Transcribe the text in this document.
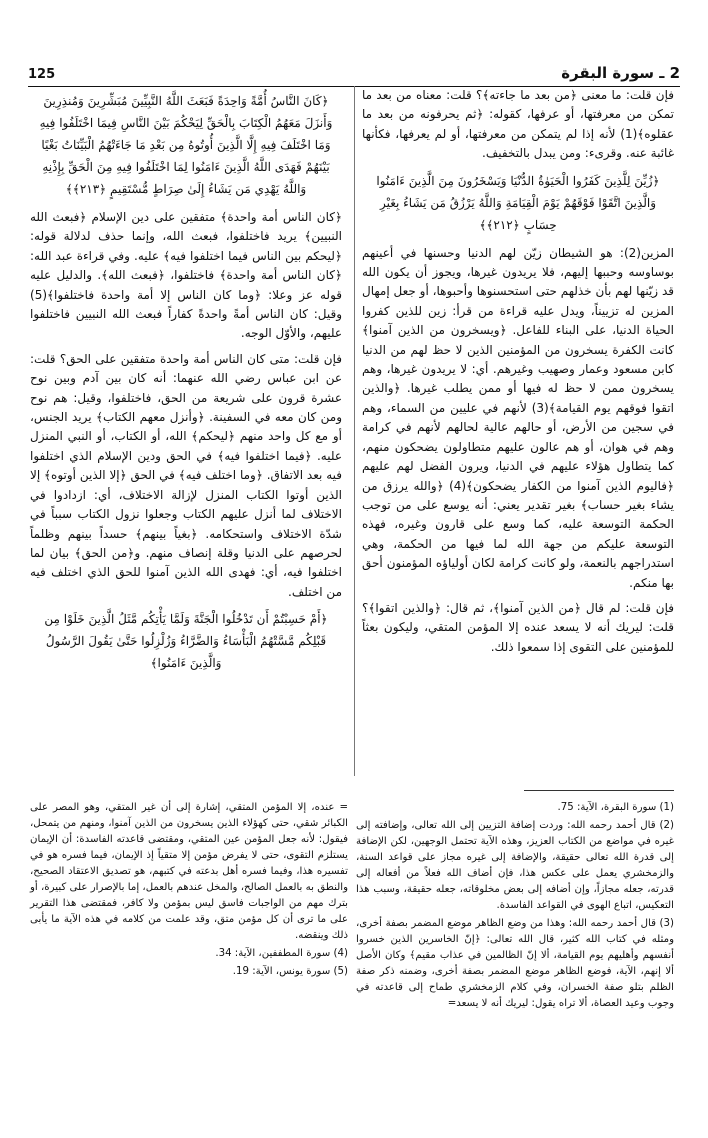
125	2 ـ سورة البقرة

فإن قلت: ما معنى ﴿من بعد ما جاءته﴾؟ قلت: معناه من بعد ما تمكن من معرفتها، أو عرفها، كقوله: ﴿ثم يحرفونه من بعد ما عقلوه﴾(1) لأنه إذا لم يتمكن من معرفتها، أو لم يعرفها، فكأنها غائبة عنه. وقرىء: ومن يبدل بالتخفيف.

﴿زُيِّنَ لِلَّذِينَ كَفَرُوا الْحَيَوٰةُ الدُّنْيَا وَيَسْخَرُونَ مِنَ الَّذِينَ ءَامَنُوا وَالَّذِينَ اتَّقَوْا فَوْقَهُمْ يَوْمَ الْقِيَامَةِ وَاللَّهُ يَرْزُقُ مَن يَشَاءُ بِغَيْرِ حِسَابٍ ﴿٢١٢﴾﴾

المزين(2): هو الشيطان زيّن لهم الدنيا وحسنها في أعينهم بوساوسه وحببها إليهم، فلا يريدون غيرها، ويجوز أن يكون الله قد زيّنها لهم بأن خذلهم حتى استحسنوها وأحبوها، أو جعل إمهال المزين له تزييناً، ويدل عليه قراءة من قرأ: زين للذين كفروا الحياة الدنيا، على البناء للفاعل. ﴿ويسخرون من الذين آمنوا﴾ كانت الكفرة يسخرون من المؤمنين الذين لا حظ لهم من الدنيا كابن مسعود وعمار وصهيب وغيرهم. أي: لا يريدون غيرها، وهم يسخرون ممن لا حظ له فيها أو ممن يطلب غيرها. ﴿والذين اتقوا فوقهم يوم القيامة﴾(3) لأنهم في عليين من السماء، وهم في سجين من الأرض، أو حالهم عالية لحالهم لأنهم في كرامة وهم في هوان، أو هم عالون عليهم متطاولون يضحكون منهم، كما يتطاول هؤلاء عليهم في الدنيا، ويرون الفضل لهم عليهم ﴿فاليوم الذين آمنوا من الكفار يضحكون﴾(4) ﴿والله يرزق من يشاء بغير حساب﴾ بغير تقدير يعني: أنه يوسع على من توجب الحكمة التوسعة عليه، كما وسع على قارون وغيره، فهذه التوسعة عليكم من جهة الله لما فيها من الحكمة، وهي استدراجهم بالنعمة، ولو كانت كرامة لكان أولياؤه المؤمنون أحق بها منكم.

فإن قلت: لم قال ﴿من الذين آمنوا﴾، ثم قال: ﴿والذين اتقوا﴾؟ قلت: ليريك أنه لا يسعد عنده إلا المؤمن المتقي، وليكون بعثاً للمؤمنين على التقوى إذا سمعوا ذلك.

﴿كَانَ النَّاسُ أُمَّةً وَاحِدَةً فَبَعَثَ اللَّهُ النَّبِيِّينَ مُبَشِّرِينَ وَمُنذِرِينَ وَأَنزَلَ مَعَهُمُ الْكِتَابَ بِالْحَقِّ لِيَحْكُمَ بَيْنَ النَّاسِ فِيمَا اخْتَلَفُوا فِيهِ وَمَا اخْتَلَفَ فِيهِ إِلَّا الَّذِينَ أُوتُوهُ مِن بَعْدِ مَا جَاءَتْهُمُ الْبَيِّنَاتُ بَغْيًا بَيْنَهُمْ فَهَدَى اللَّهُ الَّذِينَ ءَامَنُوا لِمَا اخْتَلَفُوا فِيهِ مِنَ الْحَقِّ بِإِذْنِهِ وَاللَّهُ يَهْدِي مَن يَشَاءُ إِلَىٰ صِرَاطٍ مُّسْتَقِيمٍ ﴿٢١٣﴾﴾

﴿كان الناس أمة واحدة﴾ متفقين على دين الإسلام ﴿فبعث الله النبيين﴾ يريد فاختلفوا، فبعث الله، وإنما حذف لدلالة قوله: ﴿ليحكم بين الناس فيما اختلفوا فيه﴾ عليه. وفي قراءة عبد الله: ﴿كان الناس أمة واحدة﴾ فاختلفوا، ﴿فبعث الله﴾. والدليل عليه قوله عز وعلا: ﴿وما كان الناس إلا أمة واحدة فاختلفوا﴾(5) وقيل: كان الناس أمةً واحدةً كفاراً فبعث الله النبيين فاختلفوا عليهم، والأوّل الوجه.

فإن قلت: متى كان الناس أمة واحدة متفقين على الحق؟ قلت: عن ابن عباس رضي الله عنهما: أنه كان بين آدم وبين نوح عشرة قرون على شريعة من الحق، فاختلفوا، وقيل: هم نوح ومن كان معه في السفينة. ﴿وأنزل معهم الكتاب﴾ يريد الجنس، أو مع كل واحد منهم ﴿ليحكم﴾ الله، أو الكتاب، أو النبي المنزل عليه. ﴿فيما اختلفوا فيه﴾ في الحق ودين الإسلام الذي اختلفوا فيه بعد الاتفاق. ﴿وما اختلف فيه﴾ في الحق ﴿إلا الذين أوتوه﴾ إلا الذين أوتوا الكتاب المنزل لإزالة الاختلاف، أي: ازدادوا في الاختلاف لما أنزل عليهم الكتاب وجعلوا نزول الكتاب سبباً في شدّة الاختلاف واستحكامه. ﴿بغياً بينهم﴾ حسداً بينهم وظلماً لحرصهم على الدنيا وقلة إنصاف منهم. و﴿من الحق﴾ بيان لما اختلفوا فيه، أي: فهدى الله الذين آمنوا للحق الذي اختلف فيه من اختلف.

﴿أَمْ حَسِبْتُمْ أَن تَدْخُلُوا الْجَنَّةَ وَلَمَّا يَأْتِكُم مَّثَلُ الَّذِينَ خَلَوْا مِن قَبْلِكُم مَّسَّتْهُمُ الْبَأْسَاءُ وَالضَّرَّاءُ وَزُلْزِلُوا حَتَّىٰ يَقُولَ الرَّسُولُ وَالَّذِينَ ءَامَنُوا﴾

(1) سورة البقرة، الآية: 75.

(2) قال أحمد رحمه الله: وردت إضافة التزيين إلى الله تعالى، وإضافته إلى غيره في مواضع من الكتاب العزيز، وهذه الآية تحتمل الوجهين، لكن الإضافة إلى قدرة الله تعالى حقيقة، والإضافة إلى غيره مجاز على قواعد السنة، والزمخشري يعمل على عكس هذا، فإن أضاف الله فعلاً من أفعاله إلى قدرته، جعله مجازاً، وإن أضافه إلى بعض مخلوقاته، جعله حقيقة، وسبب هذا التعكيس، اتباع الهوى في القواعد الفاسدة.

(3) قال أحمد رحمه الله: وهذا من وضع الظاهر موضع المضمر بصفة أخرى، ومثله في كتاب الله كثير، قال الله تعالى: ﴿إنّ الخاسرين الذين خسروا أنفسهم وأهليهم يوم القيامة، ألا إنّ الظالمين في عذاب مقيم﴾ وكان الأصل ألا إنهم، الآية، فوضع الظاهر موضع المضمر بصفة أخرى، وضمنه ذكر صفة الظلم بتلو صفة الخسران، وفي كلام الزمخشري طماح إلى قاعدته في وجوب وعيد العصاة، ألا تراه يقول: ليريك أنه لا يسعد=

= عنده، إلا المؤمن المتقي، إشارة إلى أن غير المتقي، وهو المصر على الكبائر شقي، حتى كهؤلاء الذين يسخرون من الذين آمنوا، ومنهم من يتمحل، فيقول: لأنه جعل المؤمن عين المتقي، ومقتضى قاعدته الفاسدة: أن الإيمان يستلزم التقوى، حتى لا يفرض مؤمن إلا متقياً إذ الإيمان، فيما فسره هو في تفسيره هذا، وفيما فسره أهل بدعته في كتبهم، هو تصديق الاعتقاد الصحيح، والنطق به بالعمل الصالح، والمخل عندهم بالعمل، إما بالإصرار على كبيرة، أو بترك مهم من الواجبات فاسق ليس بمؤمن ولا كافر، فمقتضى هذا التقرير على ما ترى أن كل مؤمن متق، وقد علمت من كلامه في هذه الآية ما يأبى ذلك وينقضه.

(4) سورة المطففين، الآية: 34.

(5) سورة يونس، الآية: 19.
